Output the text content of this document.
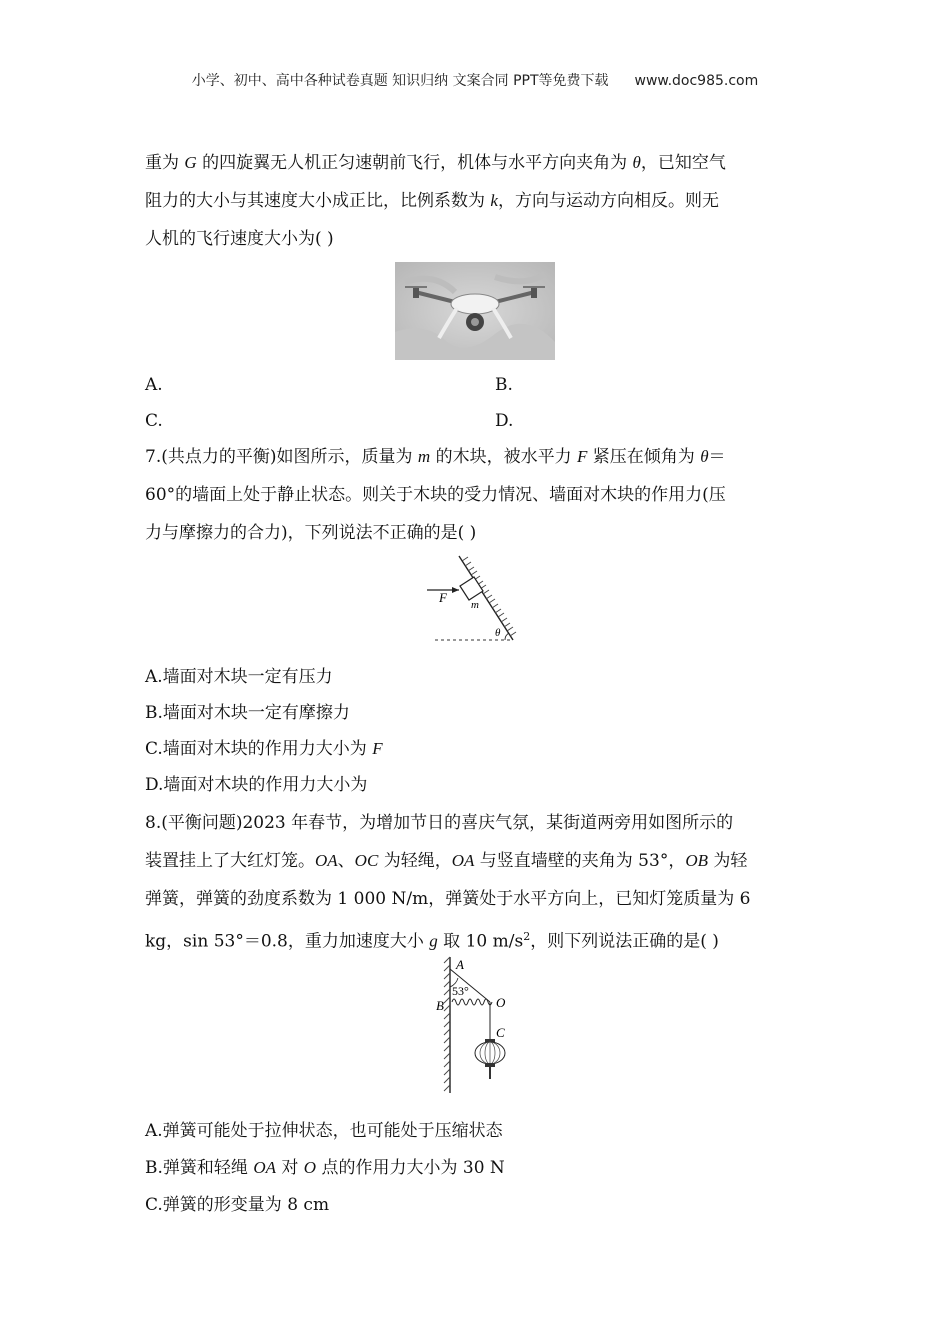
小学、初中、高中各种试卷真题 知识归纳 文案合同 PPT等免费下载 www.doc985.com
重为 G 的四旋翼无人机正匀速朝前飞行，机体与水平方向夹角为 θ，已知空气
阻力的大小与其速度大小成正比，比例系数为 k，方向与运动方向相反。则无
人机的飞行速度大小为( )
A.	B.
C.	D.
7.(共点力的平衡)如图所示，质量为 m 的木块，被水平力 F 紧压在倾角为 θ＝
60°的墙面上处于静止状态。则关于木块的受力情况、墙面对木块的作用力(压
力与摩擦力的合力)，下列说法不正确的是( )
F m
θ
A.墙面对木块一定有压力
B.墙面对木块一定有摩擦力
C.墙面对木块的作用力大小为 F
D.墙面对木块的作用力大小为
8.(平衡问题)2023 年春节，为增加节日的喜庆气氛，某街道两旁用如图所示的
装置挂上了大红灯笼。OA、OC 为轻绳，OA 与竖直墙壁的夹角为 53°，OB 为轻
弹簧，弹簧的劲度系数为 1 000 N/m，弹簧处于水平方向上，已知灯笼质量为 6
kg，sin 53°＝0.8，重力加速度大小 g 取 10 $m/s^2$，则下列说法正确的是( )
A
53°
B	O
C
A.弹簧可能处于拉伸状态，也可能处于压缩状态
B.弹簧和轻绳 OA 对 O 点的作用力大小为 30 N
C.弹簧的形变量为 8 cm
